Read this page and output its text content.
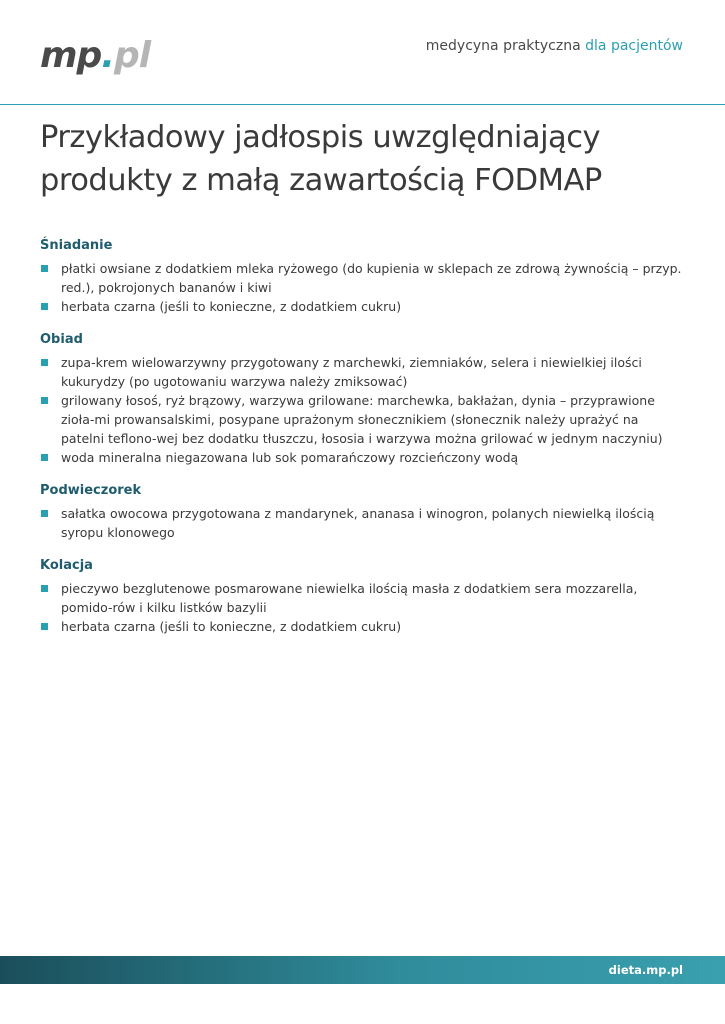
mp.pl	medycyna praktyczna dla pacjentów
Przykładowy jadłospis uwzględniający
produkty z małą zawartością FODMAP
Śniadanie
płatki owsiane z dodatkiem mleka ryżowego (do kupienia w sklepach ze zdrową żywnością – przyp. red.), pokrojonych bananów i kiwi
herbata czarna (jeśli to konieczne, z dodatkiem cukru)
Obiad
zupa-krem wielowarzywny przygotowany z marchewki, ziemniaków, selera i niewielkiej ilości kukurydzy (po ugotowaniu warzywa należy zmiksować)
grilowany łosoś, ryż brązowy, warzywa grilowane: marchewka, bakłażan, dynia – przyprawione zioła-mi prowansalskimi, posypane uprażonym słonecznikiem (słonecznik należy uprażyć na patelni teflono-wej bez dodatku tłuszczu, łososia i warzywa można grilować w jednym naczyniu)
woda mineralna niegazowana lub sok pomarańczowy rozcieńczony wodą
Podwieczorek
sałatka owocowa przygotowana z mandarynek, ananasa i winogron, polanych niewielką ilością syropu klonowego
Kolacja
pieczywo bezglutenowe posmarowane niewielka ilością masła z dodatkiem sera mozzarella, pomido-rów i kilku listków bazylii
herbata czarna (jeśli to konieczne, z dodatkiem cukru)
dieta.mp.pl
